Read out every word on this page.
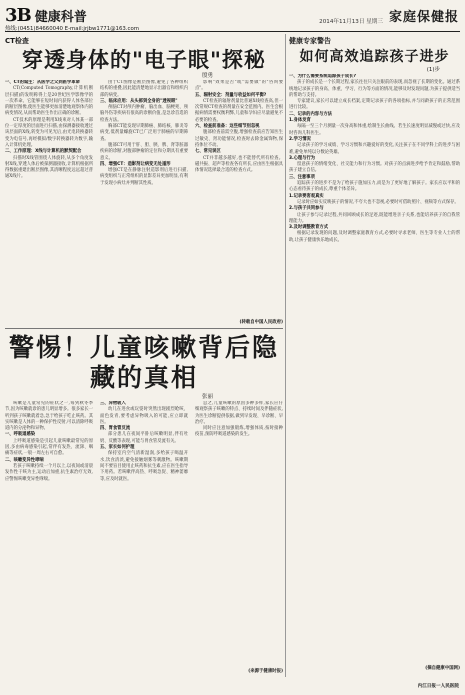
3B 健康科普
热线:(0451)84660040 E-mail:jrjbw1771@163.com
2014年11月13日 星期三 家庭保健报
CT检查
穿透身体的"电子眼"探秘
殷勇

一、CT的诞生：从医学之父到医学革命

CT(Computed Tomography,计算机断层扫描)的发明称得上是20世纪医学影像学的一次革命。它能够在短时间内获得人体各部位的断层图像,使医生能够更加清楚地观察体内的病变情况,从而帮助医生作出正确的诊断。

CT技术的原理是利用X线束对人体某一部位一定厚度的层面进行扫描,由探测器接收透过该层面的X线,转变为可见光后,由光电转换器转变为电信号,再经模拟/数字转换器转为数字,输入计算机处理。

二、工作原理：X线与计算机的默契配合

扫描时X线管围绕人体旋转,从多个角度发射X线,穿透人体后被探测器接收,计算机根据所得数据重建出断层图像,其清晰程度远远超过普通X线片。

由于CT图像是断层图像,避免了各种组织结构的重叠,因此能清楚地显示出器官和组织内部的病变。

三、临床应用：从头部到全身的"透视眼"

颅脑CT对颅内肿瘤、脑出血、脑梗死、颅脑外伤等疾病有很高的诊断价值,是急诊首选的检查方法。

胸部CT能发现早期肺癌、肺结核、肺炎等病变,低剂量螺旋CT已广泛用于肺癌的早期筛查。

腹部CT可用于肝、胆、胰、脾、肾等脏器疾病的诊断,对腹部肿瘤的定位和分期具有重要意义。

四、增强CT：造影剂让病变无处遁形

增强CT是在静脉注射造影剂后进行扫描,病变组织与正常组织的显影差异更加明显,有利于发现小病灶并判断其性质。

影响"效果是否"或"需要做"的"咨询要点"。

五、辐射安全：剂量与收益如何平衡?

CT检查的辐射剂量比普通X线检查高,但一次常规CT检查的剂量在安全范围内。医生会根据病情需要权衡利弊,儿童和孕妇应尽量避免不必要的检查。

六、检查前准备：这些细节别忽视

腹部检查前需空腹,增强检查前应告知医生过敏史、肾功能情况,检查时去除金属饰物,保持体位不动。

七、常见误区

CT并非越多越好,也不能替代所有检查。磁共振、超声等检查各有所长,应由医生根据具体情况选择最合适的检查方式。

(转载自中国人民政府)
警惕！儿童咳嗽背后隐藏的真相
张丽

咳嗽是儿童常见的症状之一,每到秋冬季节,因为咳嗽就诊的患儿明显增多。很多家长一听到孩子咳嗽就着急,急于给孩子吃止咳药。其实咳嗽是人体的一种保护性反射,可以清除呼吸道内的分泌物和异物。

一、呼吸道感染

上呼吸道感染是引起儿童咳嗽最常见的原因,多由病毒感染引起,常伴有发热、流涕、咽痛等症状,一般一周左右可自愈。

二、咳嗽变异性哮喘

若孩子咳嗽持续一个月以上,以夜间或清晨发作性干咳为主,运动后加重,抗生素治疗无效,应警惕咳嗽变异性哮喘。

三、异物吸入

幼儿在进食或玩耍时突然出现剧烈呛咳、面色发青,要考虑异物吸入的可能,应立即就医。

四、胃食管反流

部分患儿在夜间平卧后咳嗽明显,伴有吐奶、反酸等表现,可能与胃食管反流有关。

五、家长如何护理

保持室内空气清新湿润,多给孩子喝温开水,饮食清淡,避免接触烟雾等刺激物。咳嗽期间不要盲目使用止咳药和抗生素,应在医生指导下用药。若咳嗽伴高热、呼吸急促、精神萎靡等,应及时就医。

总之,儿童咳嗽的原因多种多样,家长应仔细观察孩子咳嗽的特点、持续时间及伴随症状,为医生诊断提供依据,做到早发现、早诊断、早治疗。

同时应注意加强锻炼,增强体质,按时接种疫苗,预防呼吸道感染的发生。

(来源于健康时报)
健康专家警告
如何高效追踪孩子进步
(1)步

一、为什么需要系统追踪孩子成长?

孩子的成长是一个长期过程,家长往往只关注眼前的表现,而忽视了长期的变化。通过系统地记录孩子的身高、体重、学习、行为等方面的情况,能够及时发现问题,为孩子提供适当的帮助与支持。

专家建议,家长可以建立成长档案,定期记录孩子的各项指标,并与同龄孩子的正常范围进行比较。

二、记录的内容与方法

1.身体发育

每隔一至三个月测量一次身高和体重,绘制生长曲线。若生长速度明显减慢或过快,应及时咨询儿科医生。

2.学习情况

记录孩子的学习成绩、学习习惯和兴趣爱好的变化,关注孩子在不同学科上的进步与困难,避免单纯以分数论英雄。

3.心理与行为

留意孩子的情绪变化、社交能力和行为习惯。对孩子的点滴进步给予肯定和鼓励,帮助孩子建立自信。

三、注意事项

追踪孩子的进步不是为了给孩子施加压力,而是为了更好地了解孩子。家长应以平和的心态看待孩子的成长,尊重个体差异。

1.记录要客观真实

记录时应如实反映孩子的情况,不夸大也不忽视,必要时可借助照片、视频等方式保存。

2.与孩子共同参与

让孩子参与记录过程,共同回顾成长的足迹,既能增进亲子关系,也能培养孩子的自我管理能力。

3.及时调整教育方式

根据记录发现的问题,及时调整家庭教育方式,必要时寻求老师、医生等专业人士的帮助,让孩子健康快乐地成长。

(摘自健康中国网)
内江日报一人民医院
